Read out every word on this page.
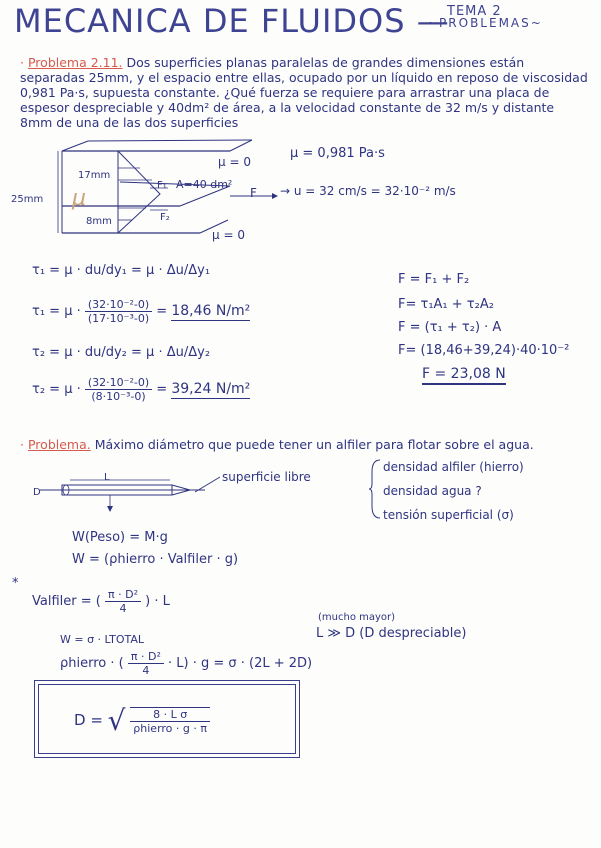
MECANICA DE FLUIDOS —
TEMA 2
~PROBLEMAS~
· Problema 2.11. Dos superficies planas paralelas de grandes dimensiones están separadas 25mm, y el espacio entre ellas, ocupado por un líquido en reposo de viscosidad 0,981 Pa·s, supuesta constante. ¿Qué fuerza se requiere para arrastrar una placa de espesor despreciable y 40dm² de área, a la velocidad constante de 32 m/s y distante 8mm de una de las dos superficies
μ = 0
μ = 0
17mm
8mm
25mm μ
F₁
F₂
A=40 dm²
F → u = 32 cm/s = 32·10⁻² m/s
μ = 0,981 Pa·s
τ₁ = μ · du/dy₁ = μ · Δu/Δy₁
$\tau_1 = \mu \cdot \frac{\text{(32·10⁻²-0)}}{\text{(17·10⁻³-0)}} = 18,46$ N/m²
τ₂ = μ · du/dy₂ = μ · Δu/Δy₂
$\tau_2 = \mu \cdot \frac{\text{(32·10⁻²-0)}}{\text{(8·10⁻³-0)}} = 39,24$ N/m²
F = F₁ + F₂
F= τ₁A₁ + τ₂A₂
F = (τ₁ + τ₂) · A
F= (18,46+39,24)·40·10⁻²
F = 23,08 N
· Problema. Máximo diámetro que puede tener un alfiler para flotar sobre el agua.
L
D
superficie libre
densidad alfiler (hierro)
densidad agua ?
tensión superficial (σ)
W(Peso) = M·g
W = (ρhierro · Valfiler · g)
*
Valfiler = ( $\frac{\text{π · D²}}{4}$ ) · L
W = σ · LTOTAL
(mucho mayor)
L ≫ D (D despreciable)
ρhierro · ( $\frac{\text{π · D²}}{4} \cdot L) \cdot g = \sigma \cdot (2L + 2D)$
D = √ $\frac{\text{8 · L σ}}{\text{ρhierro · g · π}}$
